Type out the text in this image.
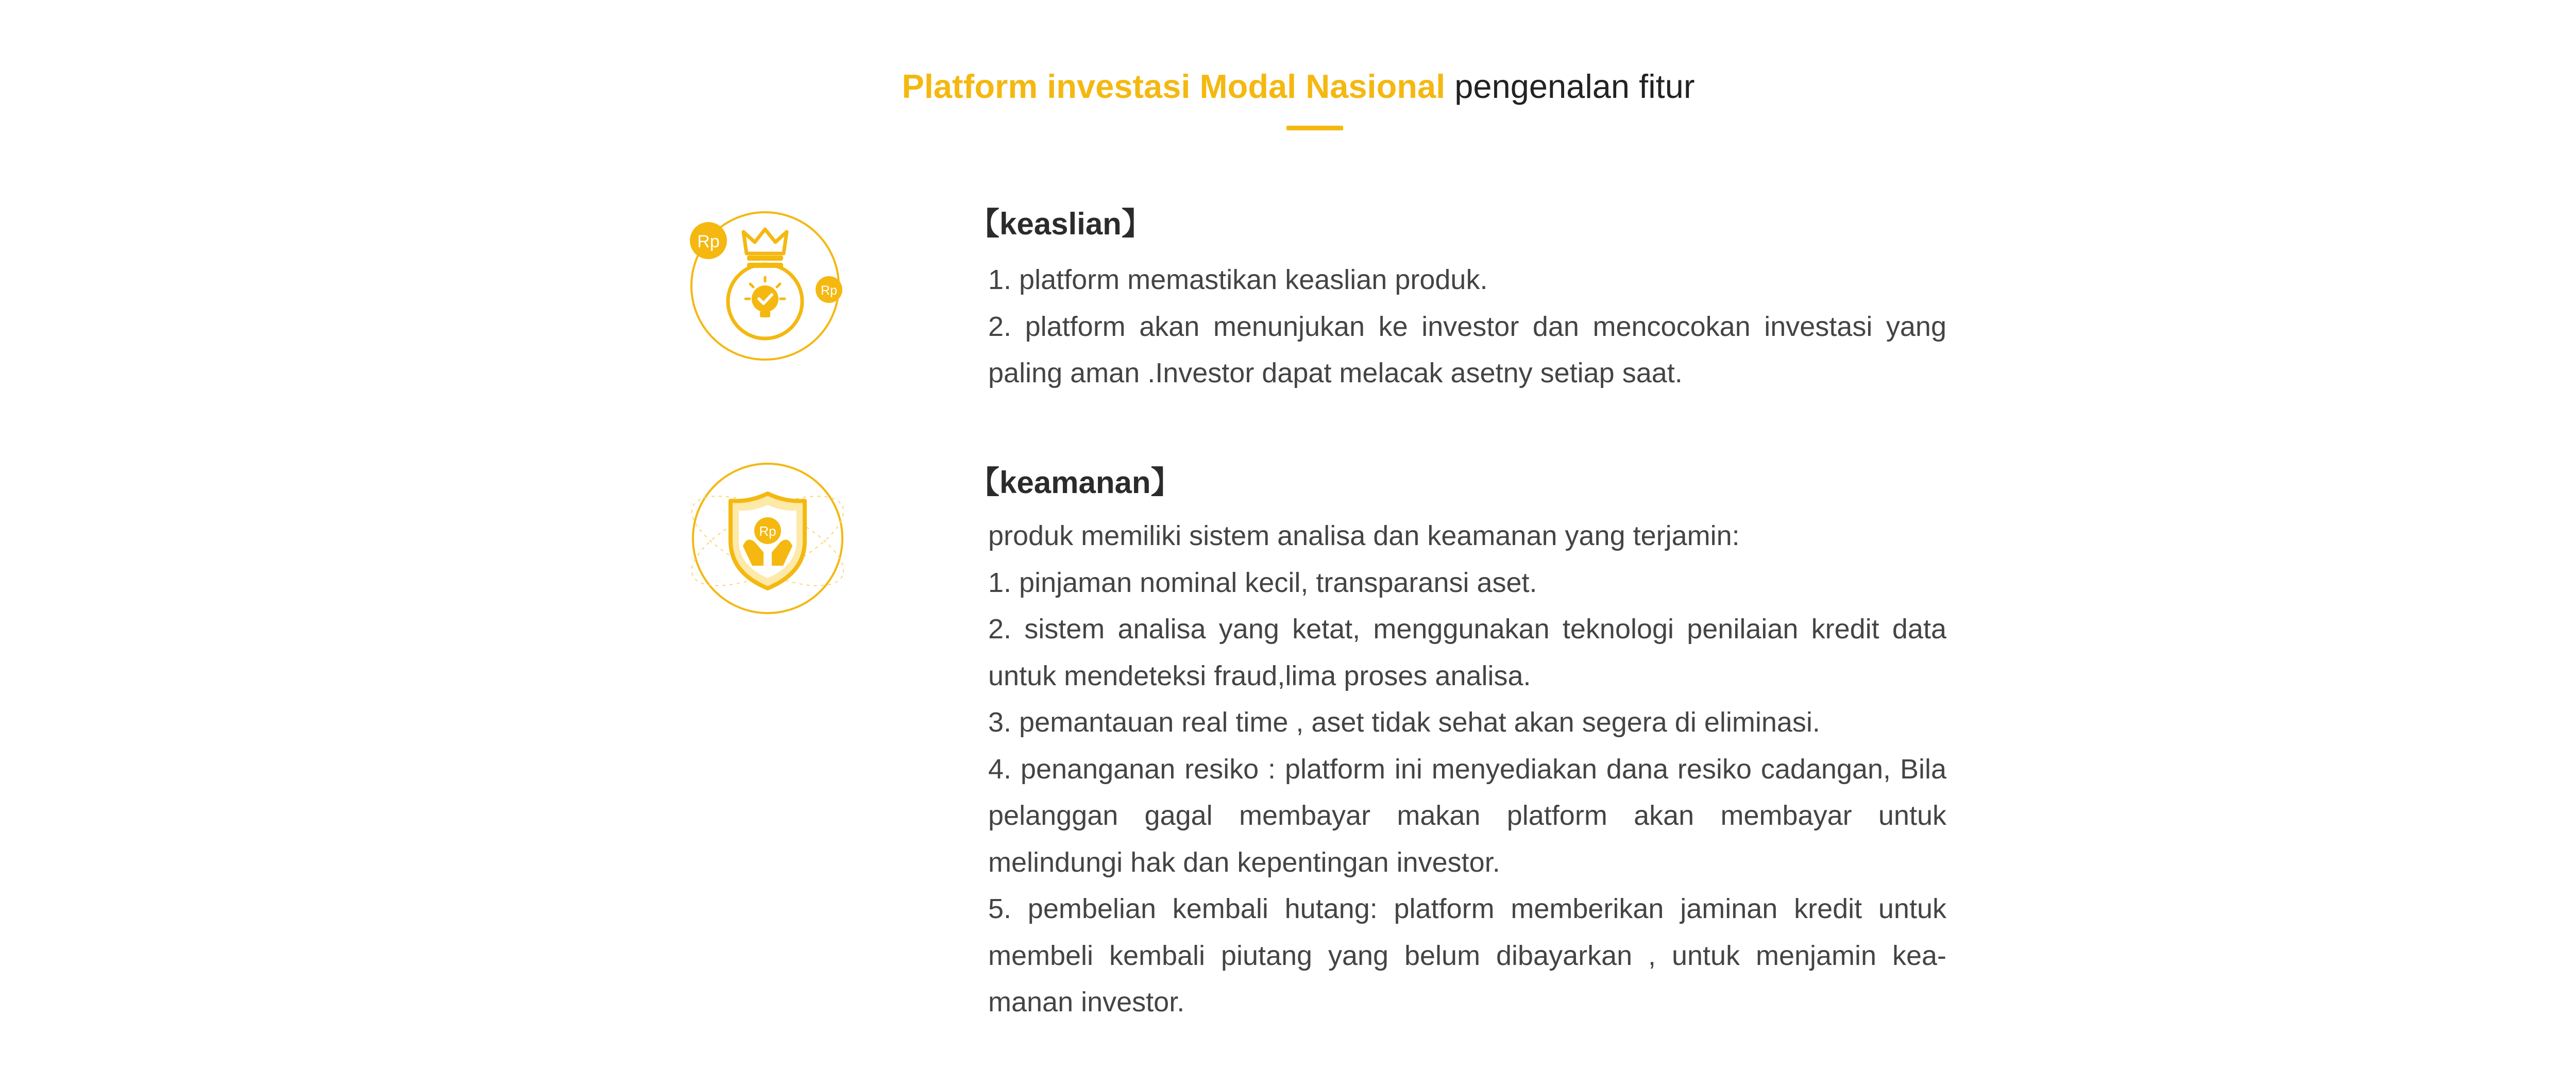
Platform investasi Modal Nasional pengenalan fitur
Rp
Rp
【keaslian】
1. platform memastikan keaslian produk.
2. platform akan menunjukan ke investor dan mencocokan investasi yang paling aman .Investor dapat melacak asetny setiap saat.
Rp
【keamanan】
produk memiliki sistem analisa dan keamanan yang terjamin:
1. pinjaman nominal kecil, transparansi aset.
2. sistem analisa yang ketat, menggunakan teknologi penilaian kredit data untuk mendeteksi fraud,lima proses analisa.
3. pemantauan real time , aset tidak sehat akan segera di eliminasi.
4. penanganan resiko : platform ini menyediakan dana resiko cadangan, Bila pelanggan gagal membayar makan platform akan membayar untuk melindungi hak dan kepentingan investor.
5. pembelian kembali hutang: platform memberikan jaminan kredit untuk membeli kembali piutang yang belum dibayarkan , untuk menjamin kea-manan investor.
